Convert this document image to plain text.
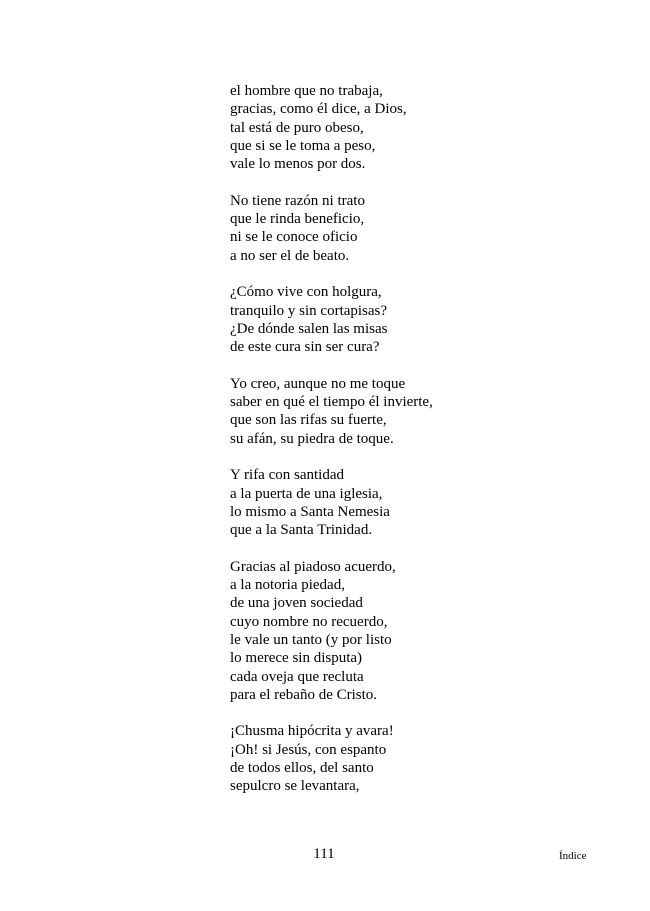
el hombre que no trabaja,
gracias, como él dice, a Dios,
tal está de puro obeso,
que si se le toma a peso,
vale lo menos por dos.
No tiene razón ni trato
que le rinda beneficio,
ni se le conoce oficio
a no ser el de beato.
¿Cómo vive con holgura,
tranquilo y sin cortapisas?
¿De dónde salen las misas
de este cura sin ser cura?
Yo creo, aunque no me toque
saber en qué el tiempo él invierte,
que son las rifas su fuerte,
su afán, su piedra de toque.
Y rifa con santidad
a la puerta de una iglesia,
lo mismo a Santa Nemesia
que a la Santa Trinidad.
Gracias al piadoso acuerdo,
a la notoria piedad,
de una joven sociedad
cuyo nombre no recuerdo,
le vale un tanto (y por listo
lo merece sin disputa)
cada oveja que recluta
para el rebaño de Cristo.
¡Chusma hipócrita y avara!
¡Oh! si Jesús, con espanto
de todos ellos, del santo
sepulcro se levantara,
111	Índice
